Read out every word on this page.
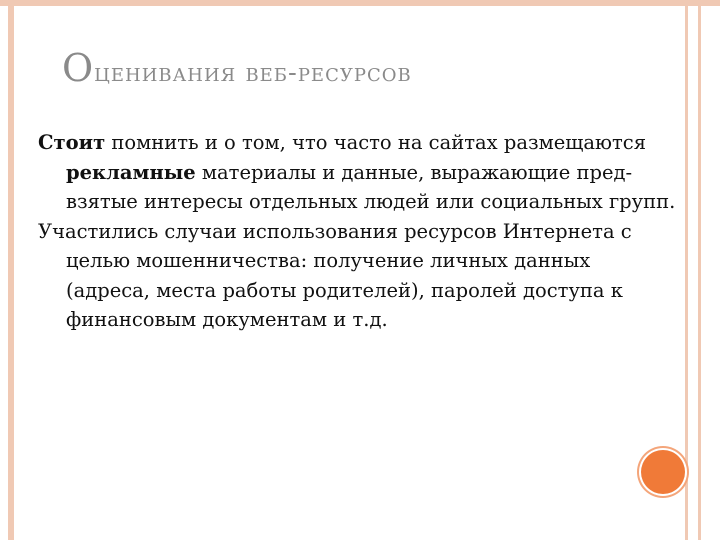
Оценивания веб-ресурсов

Стоит помнить и о том, что часто на сайтах размещаются рекламные материалы и данные, выражающие пред-взятые интересы отдельных людей или социальных групп.

Участились случаи использования ресурсов Интернета с целью мошенничества: получение личных данных (адреса, места работы родителей), паролей доступа к финансовым документам и т.д.
